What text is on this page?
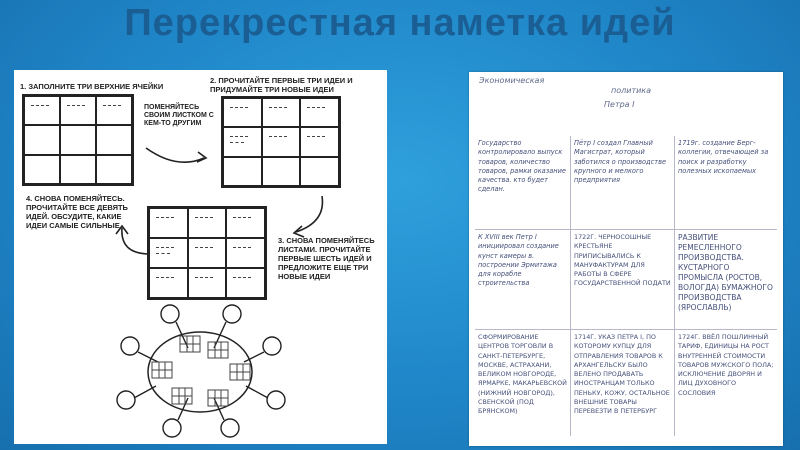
Перекрестная наметка идей
1. ЗАПОЛНИТЕ ТРИ ВЕРХНИЕ ЯЧЕЙКИ
2. ПРОЧИТАЙТЕ ПЕРВЫЕ ТРИ ИДЕИ И ПРИДУМАЙТЕ ТРИ НОВЫЕ ИДЕИ
ПОМЕНЯЙТЕСЬ СВОИМ ЛИСТКОМ С КЕМ-ТО ДРУГИМ
4. СНОВА ПОМЕНЯЙТЕСЬ. ПРОЧИТАЙТЕ ВСЕ ДЕВЯТЬ ИДЕЙ. ОБСУДИТЕ, КАКИЕ ИДЕИ САМЫЕ СИЛЬНЫЕ
3. СНОВА ПОМЕНЯЙТЕСЬ ЛИСТАМИ. ПРОЧИТАЙТЕ ПЕРВЫЕ ШЕСТЬ ИДЕЙ И ПРЕДЛОЖИТЕ ЕЩЕ ТРИ НОВЫЕ ИДЕИ
Экономическая
политика
Петра I
Государство контролировало выпуск товаров, количество товаров, рамки оказание качества. кто будет сделан.
Пётр I создал Главный Магистрат, который заботился о производстве крупного и мелкого предприятия
1719г. создание Берг-коллегии, отвечающей за поиск и разработку полезных ископаемых
К XVIII век Петр I инициировал создание кунст камеры в. построении Эрмитажа для корабле строительства
1722Г. ЧЕРНОСОШНЫЕ КРЕСТЬЯНЕ ПРИПИСЫВАЛИСЬ К МАНУФАКТУРАМ ДЛЯ РАБОТЫ В СФЕРЕ ГОСУДАРСТВЕННОЙ ПОДАТИ
РАЗВИТИЕ РЕМЕСЛЕННОГО ПРОИЗВОДСТВА. КУСТАРНОГО ПРОМЫСЛА (РОСТОВ, ВОЛОГДА) БУМАЖНОГО ПРОИЗВОДСТВА (ЯРОСЛАВЛЬ)
СФОРМИРОВАНИЕ ЦЕНТРОВ ТОРГОВЛИ В САНКТ-ПЕТЕРБУРГЕ, МОСКВЕ, АСТРАХАНИ, ВЕЛИКОМ НОВГОРОДЕ, ЯРМАРКЕ, МАКАРЬЕВСКОЙ (НИЖНИЙ НОВГОРОД), СВЕНСКОЙ (ПОД БРЯНСКОМ)
1714Г. УКАЗ ПЕТРА I, ПО КОТОРОМУ КУПЦУ ДЛЯ ОТПРАВЛЕНИЯ ТОВАРОВ К АРХАНГЕЛЬСКУ БЫЛО ВЕЛЕНО ПРОДАВАТЬ ИНОСТРАНЦАМ ТОЛЬКО ПЕНЬКУ, КОЖУ, ОСТАЛЬНОЕ ВНЕШНИЕ ТОВАРЫ ПЕРЕВЕЗТИ В ПЕТЕРБУРГ
1724Г. ВВЁЛ ПОШЛИННЫЙ ТАРИФ, ЕДИНИЦЫ НА РОСТ ВНУТРЕННЕЙ СТОИМОСТИ ТОВАРОВ МУЖСКОГО ПОЛА; ИСКЛЮЧЕНИЕ ДВОРЯН И ЛИЦ ДУХОВНОГО СОСЛОВИЯ
